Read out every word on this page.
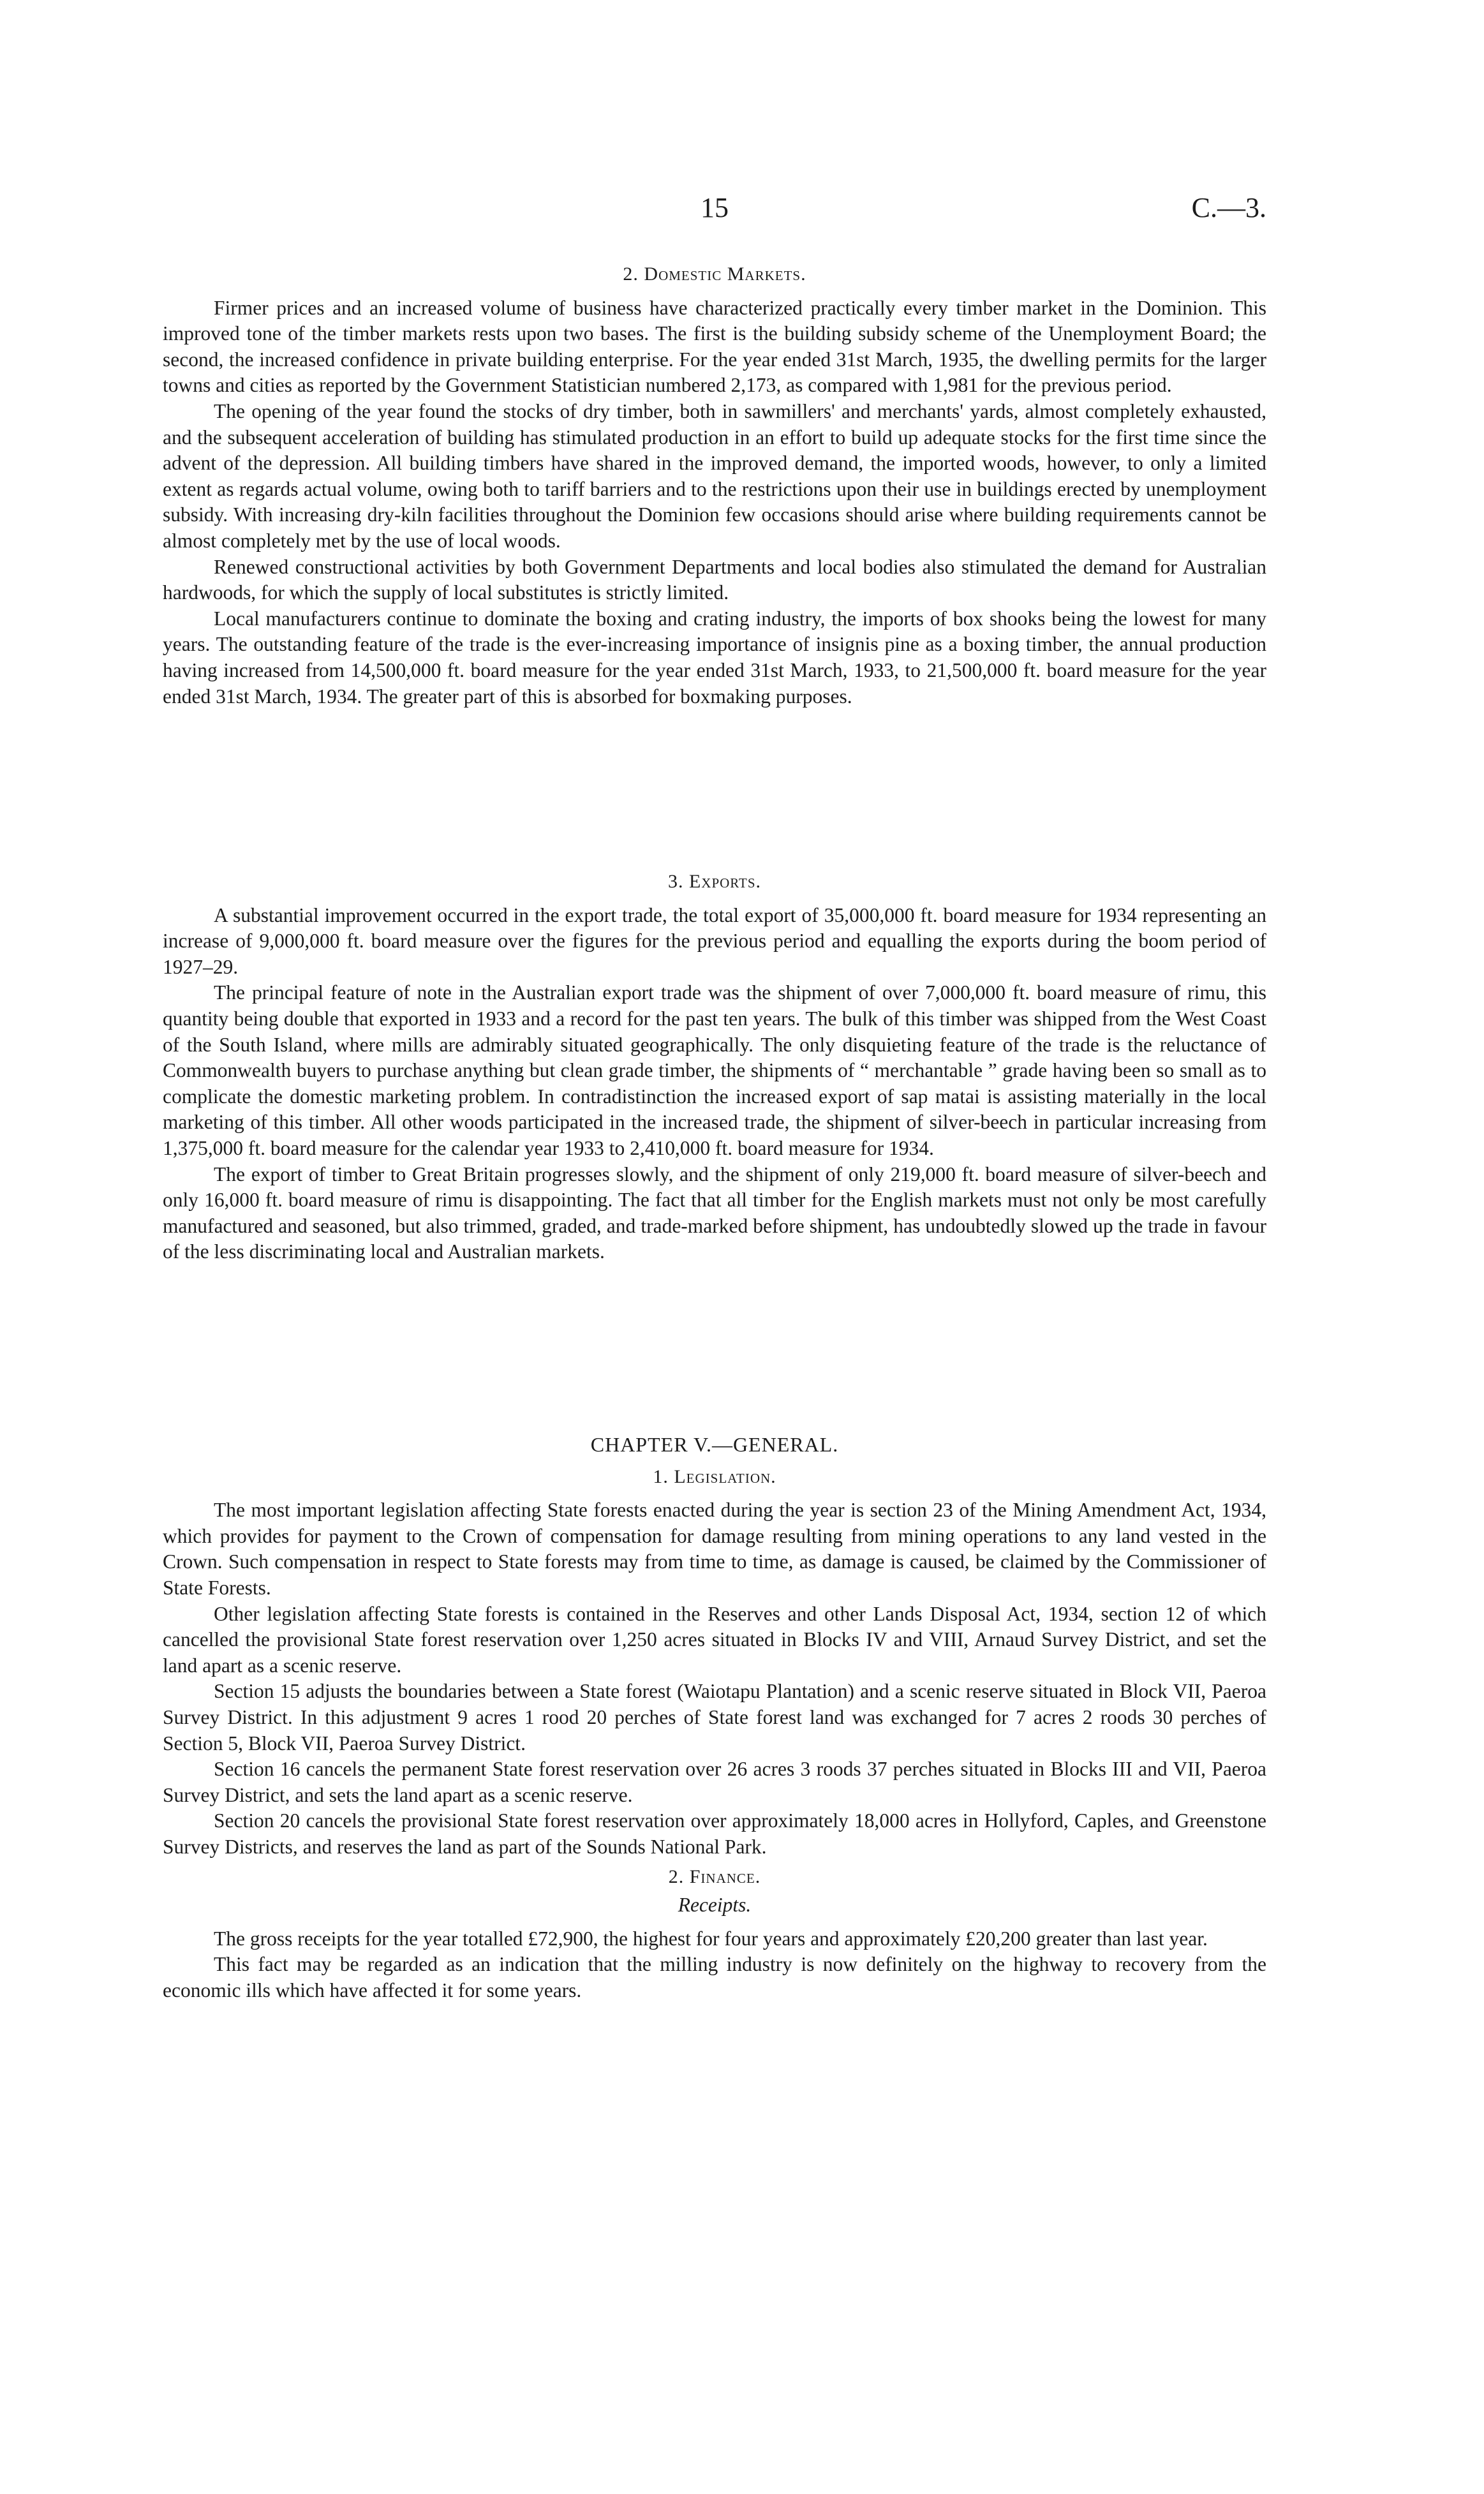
15	C.—3.

2. Domestic Markets.

Firmer prices and an increased volume of business have characterized practically every timber market in the Dominion. This improved tone of the timber markets rests upon two bases. The first is the building subsidy scheme of the Unemployment Board; the second, the increased confidence in private building enterprise. For the year ended 31st March, 1935, the dwelling permits for the larger towns and cities as reported by the Government Statistician numbered 2,173, as compared with 1,981 for the previous period.

The opening of the year found the stocks of dry timber, both in sawmillers' and merchants' yards, almost completely exhausted, and the subsequent acceleration of building has stimulated production in an effort to build up adequate stocks for the first time since the advent of the depression. All building timbers have shared in the improved demand, the imported woods, however, to only a limited extent as regards actual volume, owing both to tariff barriers and to the restrictions upon their use in buildings erected by unemployment subsidy. With increasing dry-kiln facilities throughout the Dominion few occasions should arise where building requirements cannot be almost completely met by the use of local woods.

Renewed constructional activities by both Government Departments and local bodies also stimulated the demand for Australian hardwoods, for which the supply of local substitutes is strictly limited.

Local manufacturers continue to dominate the boxing and crating industry, the imports of box shooks being the lowest for many years. The outstanding feature of the trade is the ever-increasing importance of insignis pine as a boxing timber, the annual production having increased from 14,500,000 ft. board measure for the year ended 31st March, 1933, to 21,500,000 ft. board measure for the year ended 31st March, 1934. The greater part of this is absorbed for boxmaking purposes.

3. Exports.

A substantial improvement occurred in the export trade, the total export of 35,000,000 ft. board measure for 1934 representing an increase of 9,000,000 ft. board measure over the figures for the previous period and equalling the exports during the boom period of 1927–29.

The principal feature of note in the Australian export trade was the shipment of over 7,000,000 ft. board measure of rimu, this quantity being double that exported in 1933 and a record for the past ten years. The bulk of this timber was shipped from the West Coast of the South Island, where mills are admirably situated geographically. The only disquieting feature of the trade is the reluctance of Commonwealth buyers to purchase anything but clean grade timber, the shipments of “ merchantable ” grade having been so small as to complicate the domestic marketing problem. In contradistinction the increased export of sap matai is assisting materially in the local marketing of this timber. All other woods participated in the increased trade, the shipment of silver-beech in particular increasing from 1,375,000 ft. board measure for the calendar year 1933 to 2,410,000 ft. board measure for 1934.

The export of timber to Great Britain progresses slowly, and the shipment of only 219,000 ft. board measure of silver-beech and only 16,000 ft. board measure of rimu is disappointing. The fact that all timber for the English markets must not only be most carefully manufactured and seasoned, but also trimmed, graded, and trade-marked before shipment, has undoubtedly slowed up the trade in favour of the less discriminating local and Australian markets.

CHAPTER V.—GENERAL.

1. Legislation.

The most important legislation affecting State forests enacted during the year is section 23 of the Mining Amendment Act, 1934, which provides for payment to the Crown of compensation for damage resulting from mining operations to any land vested in the Crown. Such compensation in respect to State forests may from time to time, as damage is caused, be claimed by the Commissioner of State Forests.

Other legislation affecting State forests is contained in the Reserves and other Lands Disposal Act, 1934, section 12 of which cancelled the provisional State forest reservation over 1,250 acres situated in Blocks IV and VIII, Arnaud Survey District, and set the land apart as a scenic reserve.

Section 15 adjusts the boundaries between a State forest (Waiotapu Plantation) and a scenic reserve situated in Block VII, Paeroa Survey District. In this adjustment 9 acres 1 rood 20 perches of State forest land was exchanged for 7 acres 2 roods 30 perches of Section 5, Block VII, Paeroa Survey District.

Section 16 cancels the permanent State forest reservation over 26 acres 3 roods 37 perches situated in Blocks III and VII, Paeroa Survey District, and sets the land apart as a scenic reserve.

Section 20 cancels the provisional State forest reservation over approximately 18,000 acres in Hollyford, Caples, and Greenstone Survey Districts, and reserves the land as part of the Sounds National Park.

2. Finance.

Receipts.

The gross receipts for the year totalled £72,900, the highest for four years and approximately £20,200 greater than last year.

This fact may be regarded as an indication that the milling industry is now definitely on the highway to recovery from the economic ills which have affected it for some years.
